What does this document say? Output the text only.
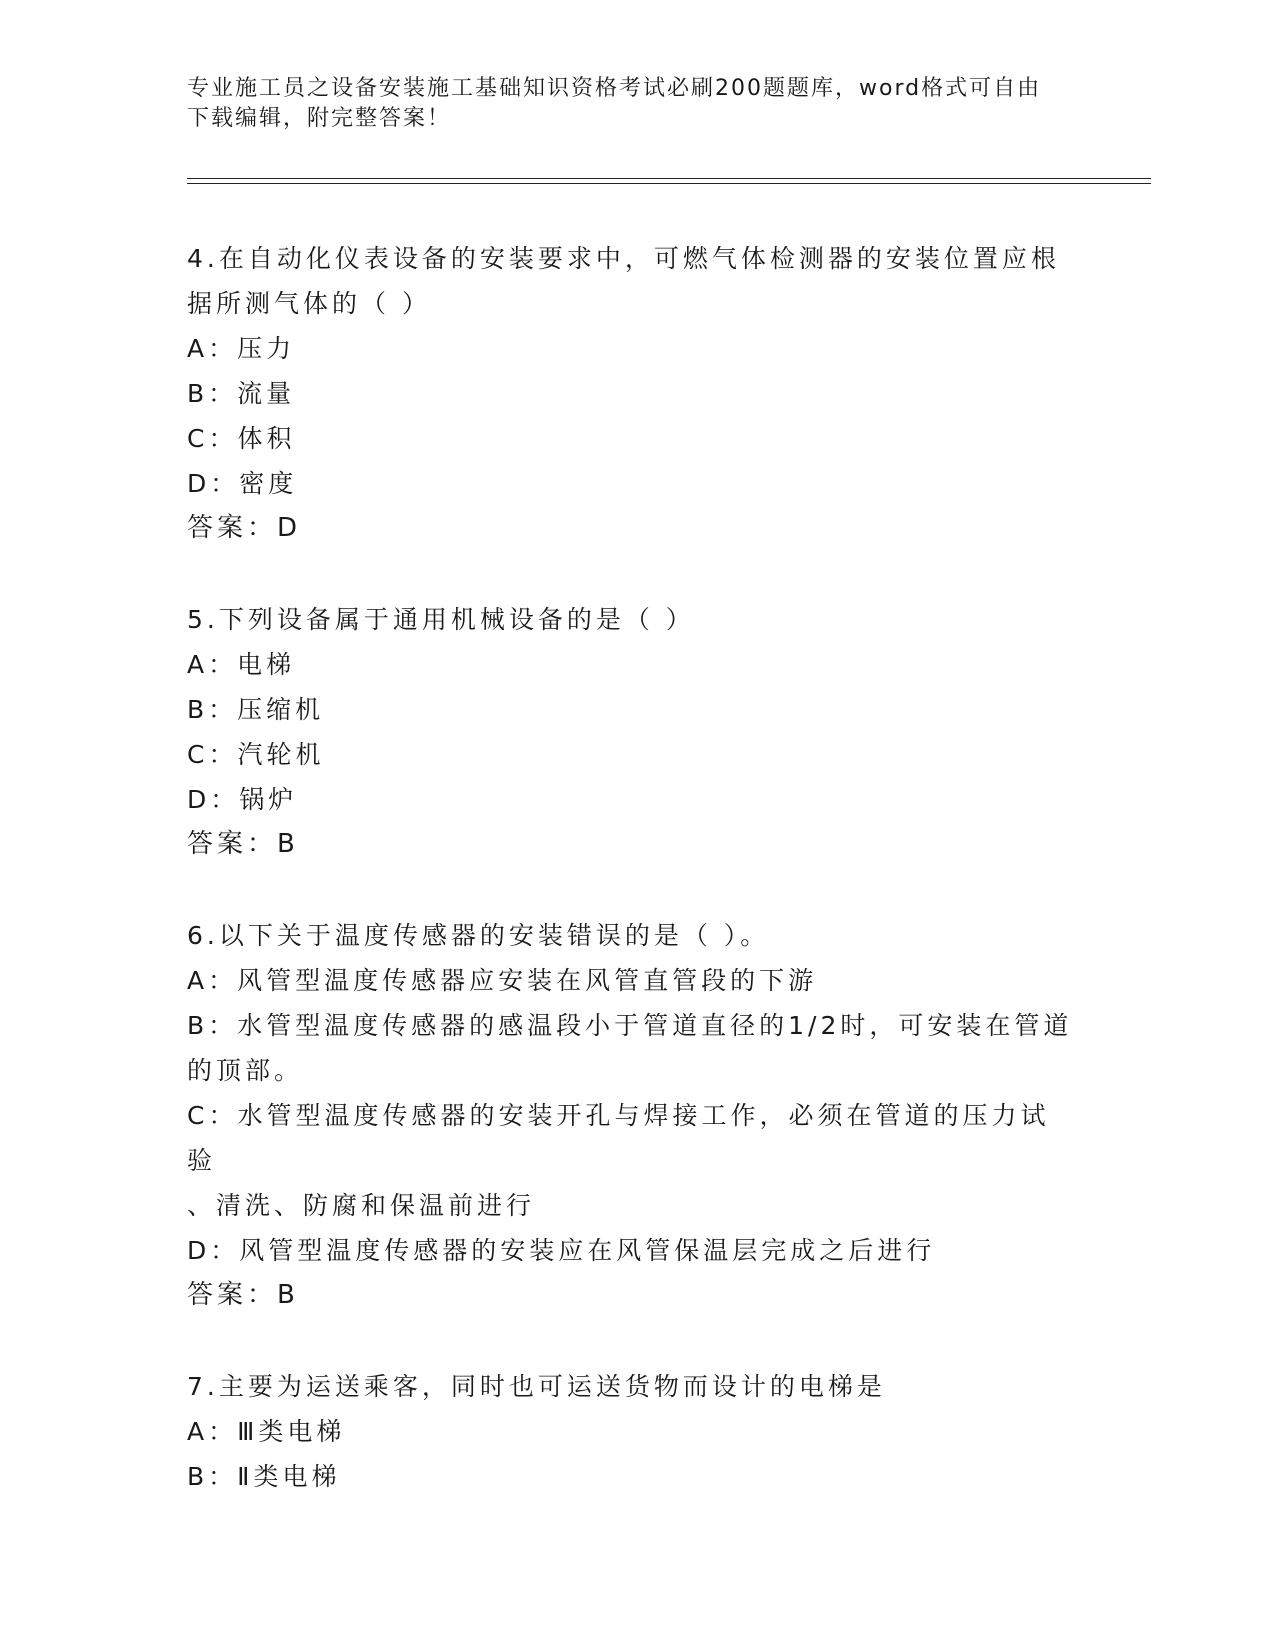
专业施工员之设备安装施工基础知识资格考试必刷200题题库，word格式可自由
下载编辑，附完整答案！
4.在自动化仪表设备的安装要求中，可燃气体检测器的安装位置应根
据所测气体的（ ）
A：压力
B：流量
C：体积
D：密度
答案：D
5.下列设备属于通用机械设备的是（ ）
A：电梯
B：压缩机
C：汽轮机
D：锅炉
答案：B
6.以下关于温度传感器的安装错误的是（ ）。
A：风管型温度传感器应安装在风管直管段的下游
B：水管型温度传感器的感温段小于管道直径的1/2时，可安装在管道
的顶部。
C：水管型温度传感器的安装开孔与焊接工作，必须在管道的压力试验
、清洗、防腐和保温前进行
D：风管型温度传感器的安装应在风管保温层完成之后进行
答案：B
7.主要为运送乘客，同时也可运送货物而设计的电梯是
A：Ⅲ类电梯
B：Ⅱ类电梯
